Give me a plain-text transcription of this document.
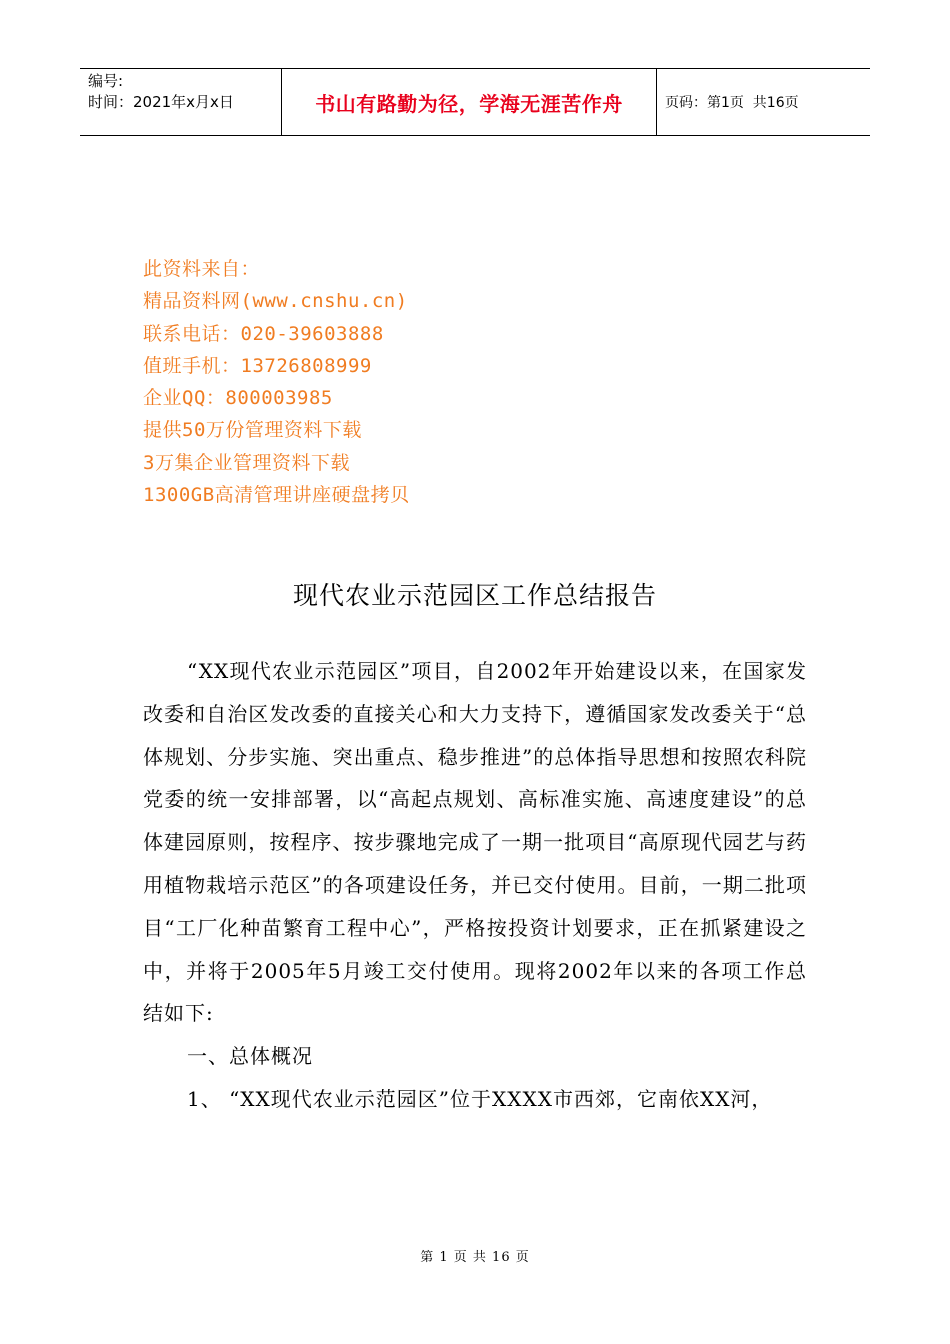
编号:
时间：2021年x月x日	书山有路勤为径，学海无涯苦作舟	页码：第1页  共16页
此资料来自：
精品资料网(www.cnshu.cn)
联系电话：020-39603888
值班手机：13726808999
企业QQ：800003985
提供50万份管理资料下载
3万集企业管理资料下载
1300GB高清管理讲座硬盘拷贝
现代农业示范园区工作总结报告

“XX现代农业示范园区”项目，自2002年开始建设以来，在国家发改委和自治区发改委的直接关心和大力支持下，遵循国家发改委关于“总体规划、分步实施、突出重点、稳步推进”的总体指导思想和按照农科院党委的统一安排部署，以“高起点规划、高标准实施、高速度建设”的总体建园原则，按程序、按步骤地完成了一期一批项目“高原现代园艺与药用植物栽培示范区”的各项建设任务，并已交付使用。目前，一期二批项目“工厂化种苗繁育工程中心”，严格按投资计划要求，正在抓紧建设之中，并将于2005年5月竣工交付使用。现将2002年以来的各项工作总结如下:

一、总体概况

1、 “XX现代农业示范园区”位于XXXX市西郊，它南依XX河，

第 1 页 共 16 页
